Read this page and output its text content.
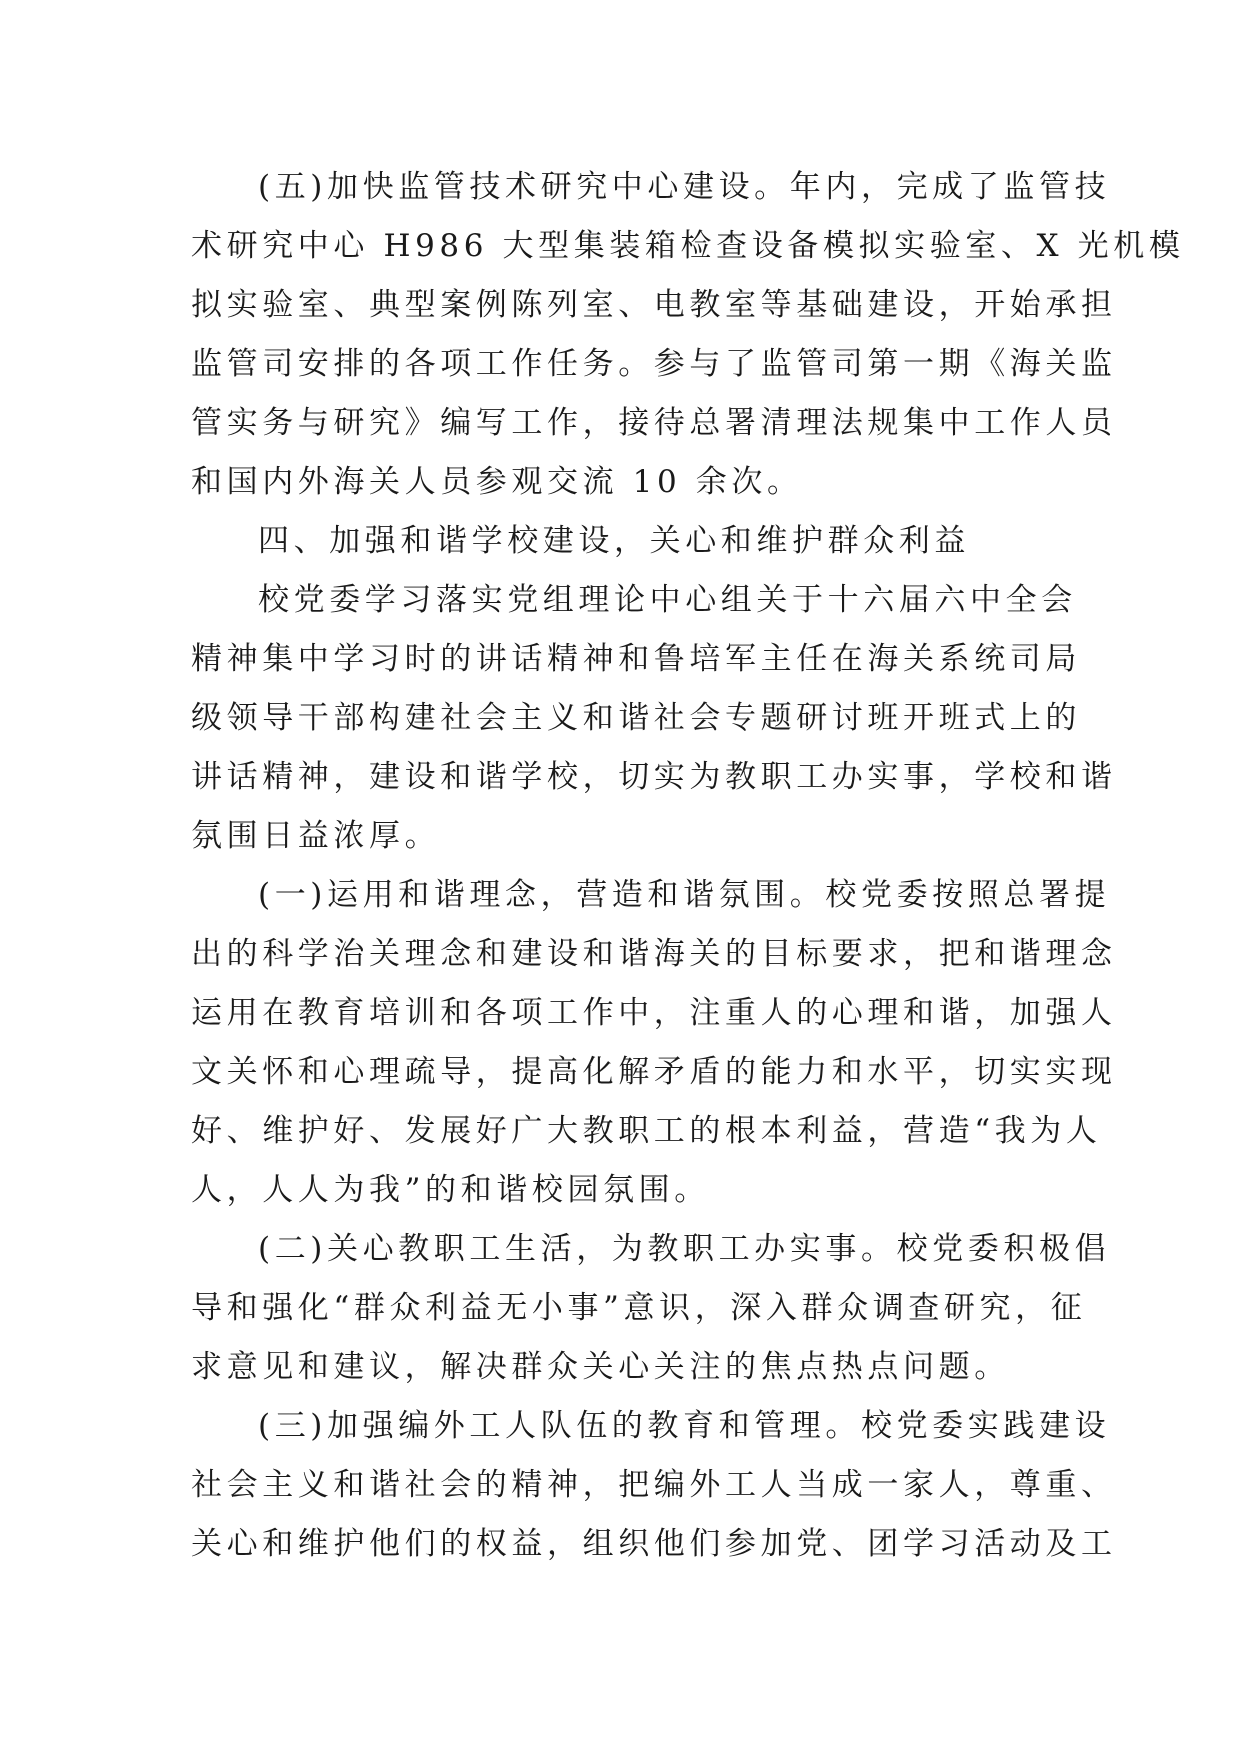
(五)加快监管技术研究中心建设。年内，完成了监管技
术研究中心 H986 大型集装箱检查设备模拟实验室、X 光机模
拟实验室、典型案例陈列室、电教室等基础建设，开始承担
监管司安排的各项工作任务。参与了监管司第一期《海关监
管实务与研究》编写工作，接待总署清理法规集中工作人员
和国内外海关人员参观交流 10 余次。
四、加强和谐学校建设，关心和维护群众利益
校党委学习落实党组理论中心组关于十六届六中全会
精神集中学习时的讲话精神和鲁培军主任在海关系统司局
级领导干部构建社会主义和谐社会专题研讨班开班式上的
讲话精神，建设和谐学校，切实为教职工办实事，学校和谐
氛围日益浓厚。
(一)运用和谐理念，营造和谐氛围。校党委按照总署提
出的科学治关理念和建设和谐海关的目标要求，把和谐理念
运用在教育培训和各项工作中，注重人的心理和谐，加强人
文关怀和心理疏导，提高化解矛盾的能力和水平，切实实现
好、维护好、发展好广大教职工的根本利益，营造“我为人
人，人人为我”的和谐校园氛围。
(二)关心教职工生活，为教职工办实事。校党委积极倡
导和强化“群众利益无小事”意识，深入群众调查研究，征
求意见和建议，解决群众关心关注的焦点热点问题。
(三)加强编外工人队伍的教育和管理。校党委实践建设
社会主义和谐社会的精神，把编外工人当成一家人，尊重、
关心和维护他们的权益，组织他们参加党、团学习活动及工
